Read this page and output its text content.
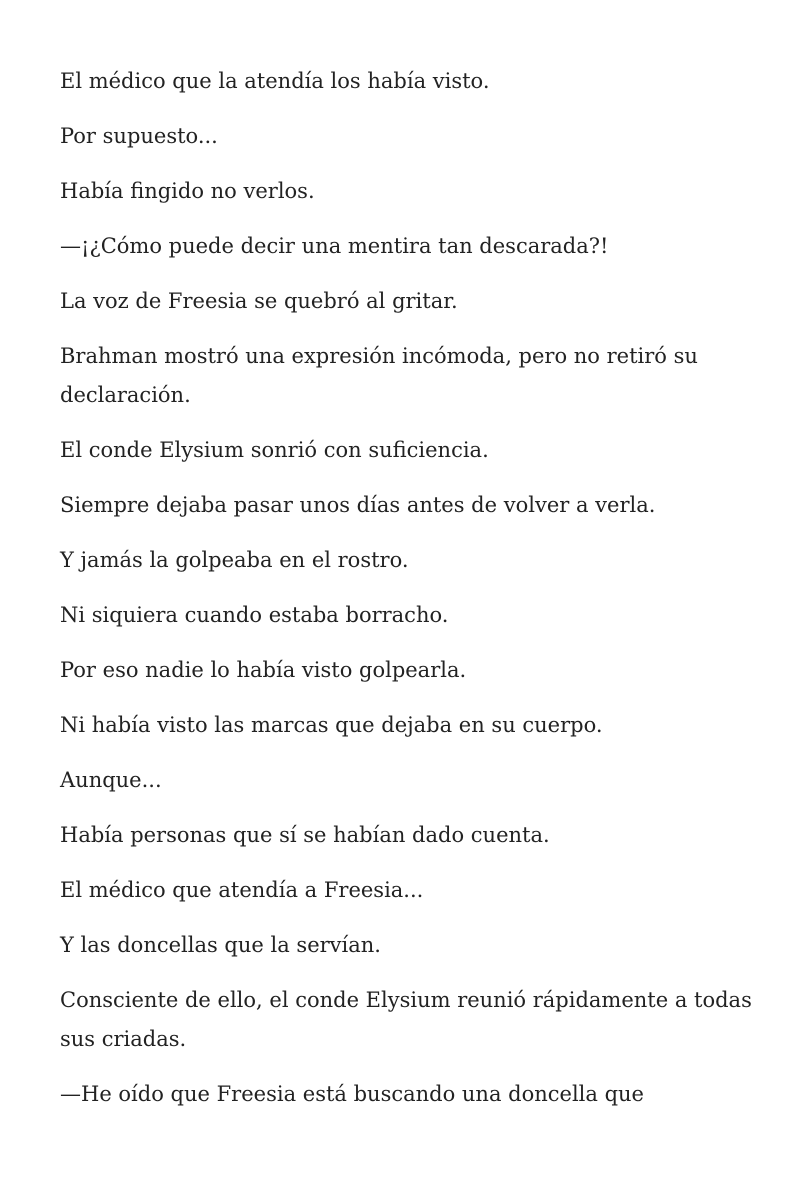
El médico que la atendía los había visto.

Por supuesto...

Había fingido no verlos.

—¡¿Cómo puede decir una mentira tan descarada?!

La voz de Freesia se quebró al gritar.

Brahman mostró una expresión incómoda, pero no retiró su declaración.

El conde Elysium sonrió con suficiencia.

Siempre dejaba pasar unos días antes de volver a verla.

Y jamás la golpeaba en el rostro.

Ni siquiera cuando estaba borracho.

Por eso nadie lo había visto golpearla.

Ni había visto las marcas que dejaba en su cuerpo.

Aunque...

Había personas que sí se habían dado cuenta.

El médico que atendía a Freesia...

Y las doncellas que la servían.

Consciente de ello, el conde Elysium reunió rápidamente a todas sus criadas.

—He oído que Freesia está buscando una doncella que
